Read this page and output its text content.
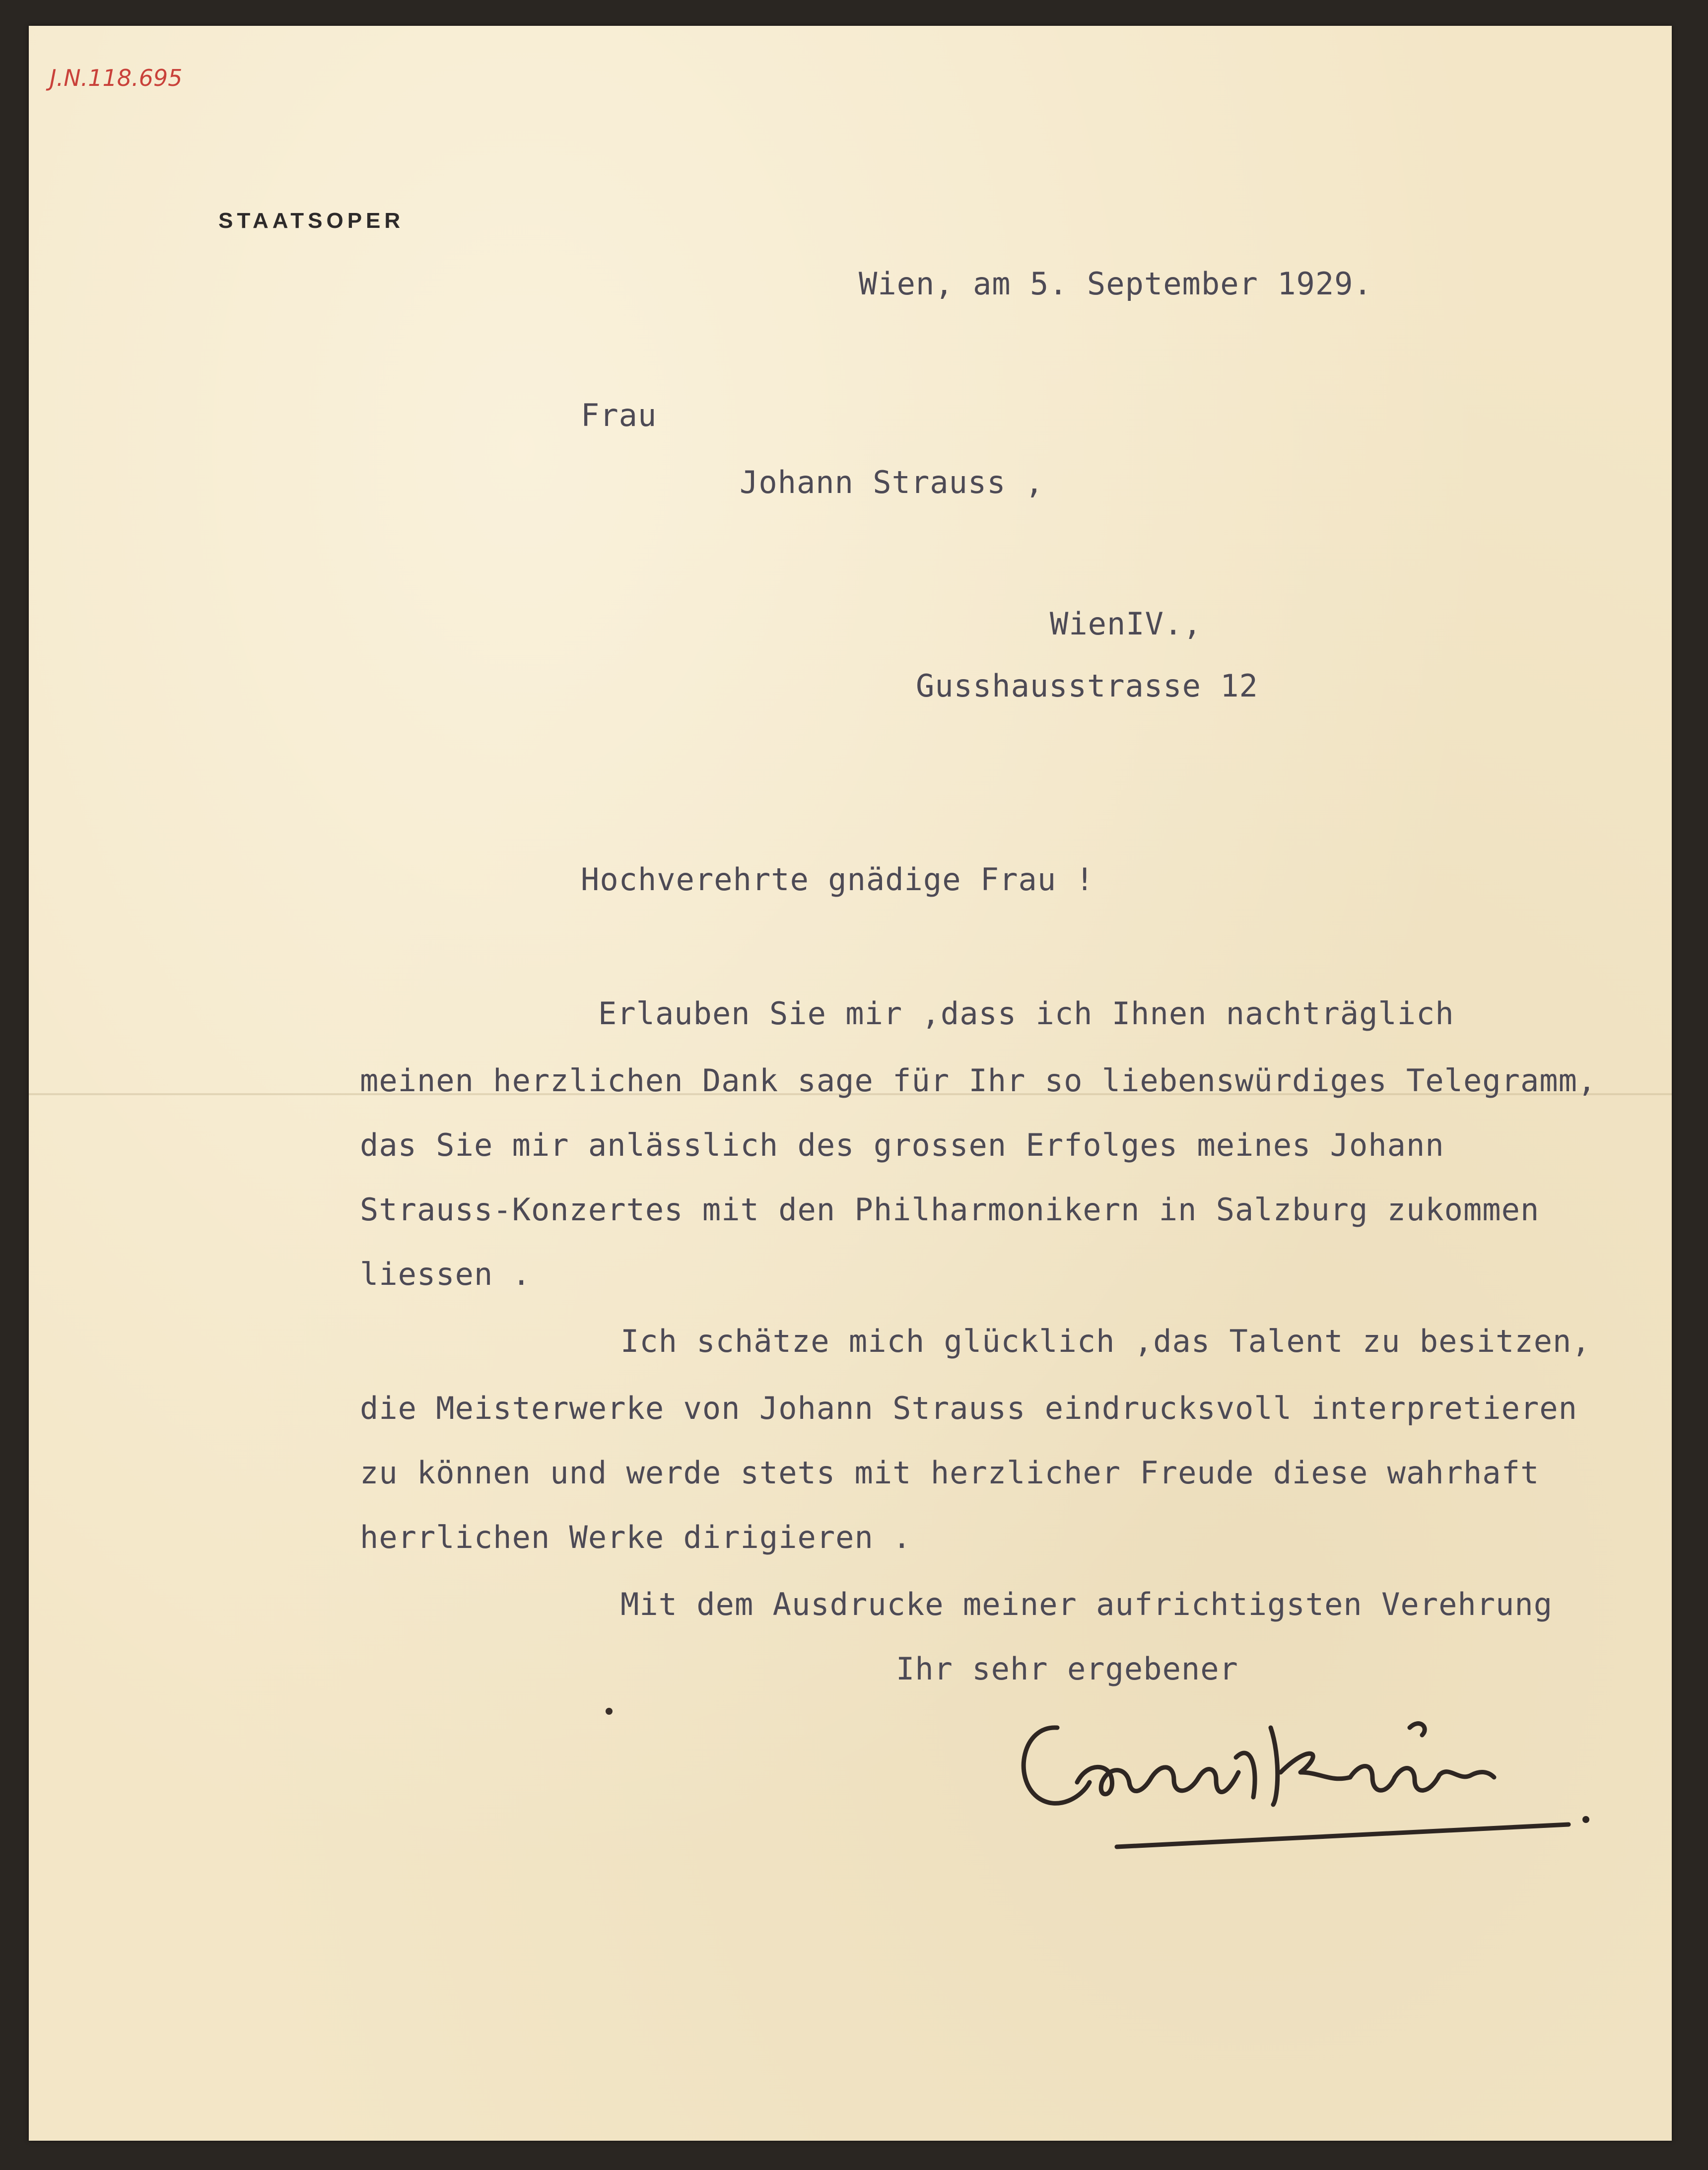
J.N.118.695
STAATSOPER
Wien, am 5. September 1929.
Frau
Johann Strauss ,
WienIV.,
Gusshausstrasse 12
Hochverehrte gnädige Frau !
Erlauben Sie mir ,dass ich Ihnen nachträglich
meinen herzlichen Dank sage für Ihr so liebenswürdiges Telegramm,
das Sie mir anlässlich des grossen Erfolges meines Johann
Strauss-Konzertes mit den Philharmonikern in Salzburg zukommen
liessen .
Ich schätze mich glücklich ,das Talent zu besitzen,
die Meisterwerke von Johann Strauss eindrucksvoll interpretieren
zu können und werde stets mit herzlicher Freude diese wahrhaft
herrlichen Werke dirigieren .
Mit dem Ausdrucke meiner aufrichtigsten Verehrung
Ihr sehr ergebener
